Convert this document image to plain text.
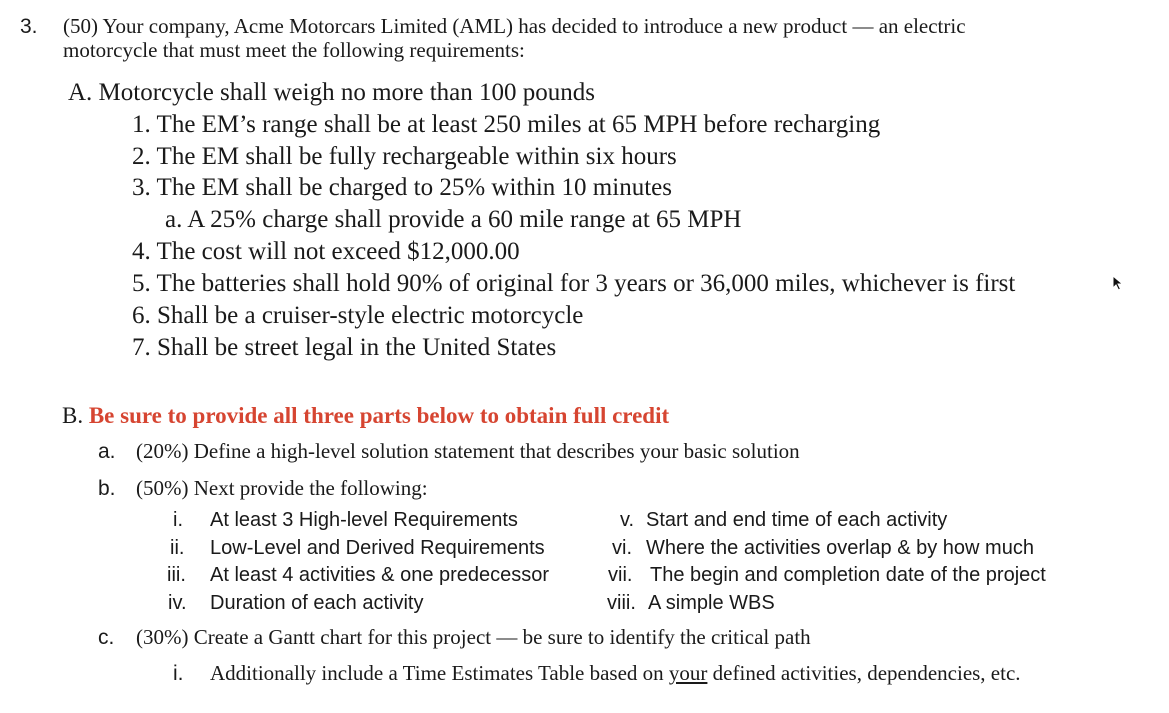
3. (50) Your company, Acme Motorcars Limited (AML) has decided to introduce a new product — an electric
motorcycle that must meet the following requirements:
A. Motorcycle shall weigh no more than 100 pounds
1. The EM’s range shall be at least 250 miles at 65 MPH before recharging
2. The EM shall be fully rechargeable within six hours
3. The EM shall be charged to 25% within 10 minutes
a. A 25% charge shall provide a 60 mile range at 65 MPH
4. The cost will not exceed $12,000.00
5. The batteries shall hold 90% of original for 3 years or 36,000 miles, whichever is first
6. Shall be a cruiser-style electric motorcycle
7. Shall be street legal in the United States
B. Be sure to provide all three parts below to obtain full credit
a. (20%) Define a high-level solution statement that describes your basic solution
b. (50%) Next provide the following:
i. At least 3 High-level Requirements
ii. Low-Level and Derived Requirements
iii. At least 4 activities & one predecessor
iv. Duration of each activity
v. Start and end time of each activity
vi. Where the activities overlap & by how much
vii. The begin and completion date of the project
viii. A simple WBS
c. (30%) Create a Gantt chart for this project — be sure to identify the critical path
i. Additionally include a Time Estimates Table based on your defined activities, dependencies, etc.
